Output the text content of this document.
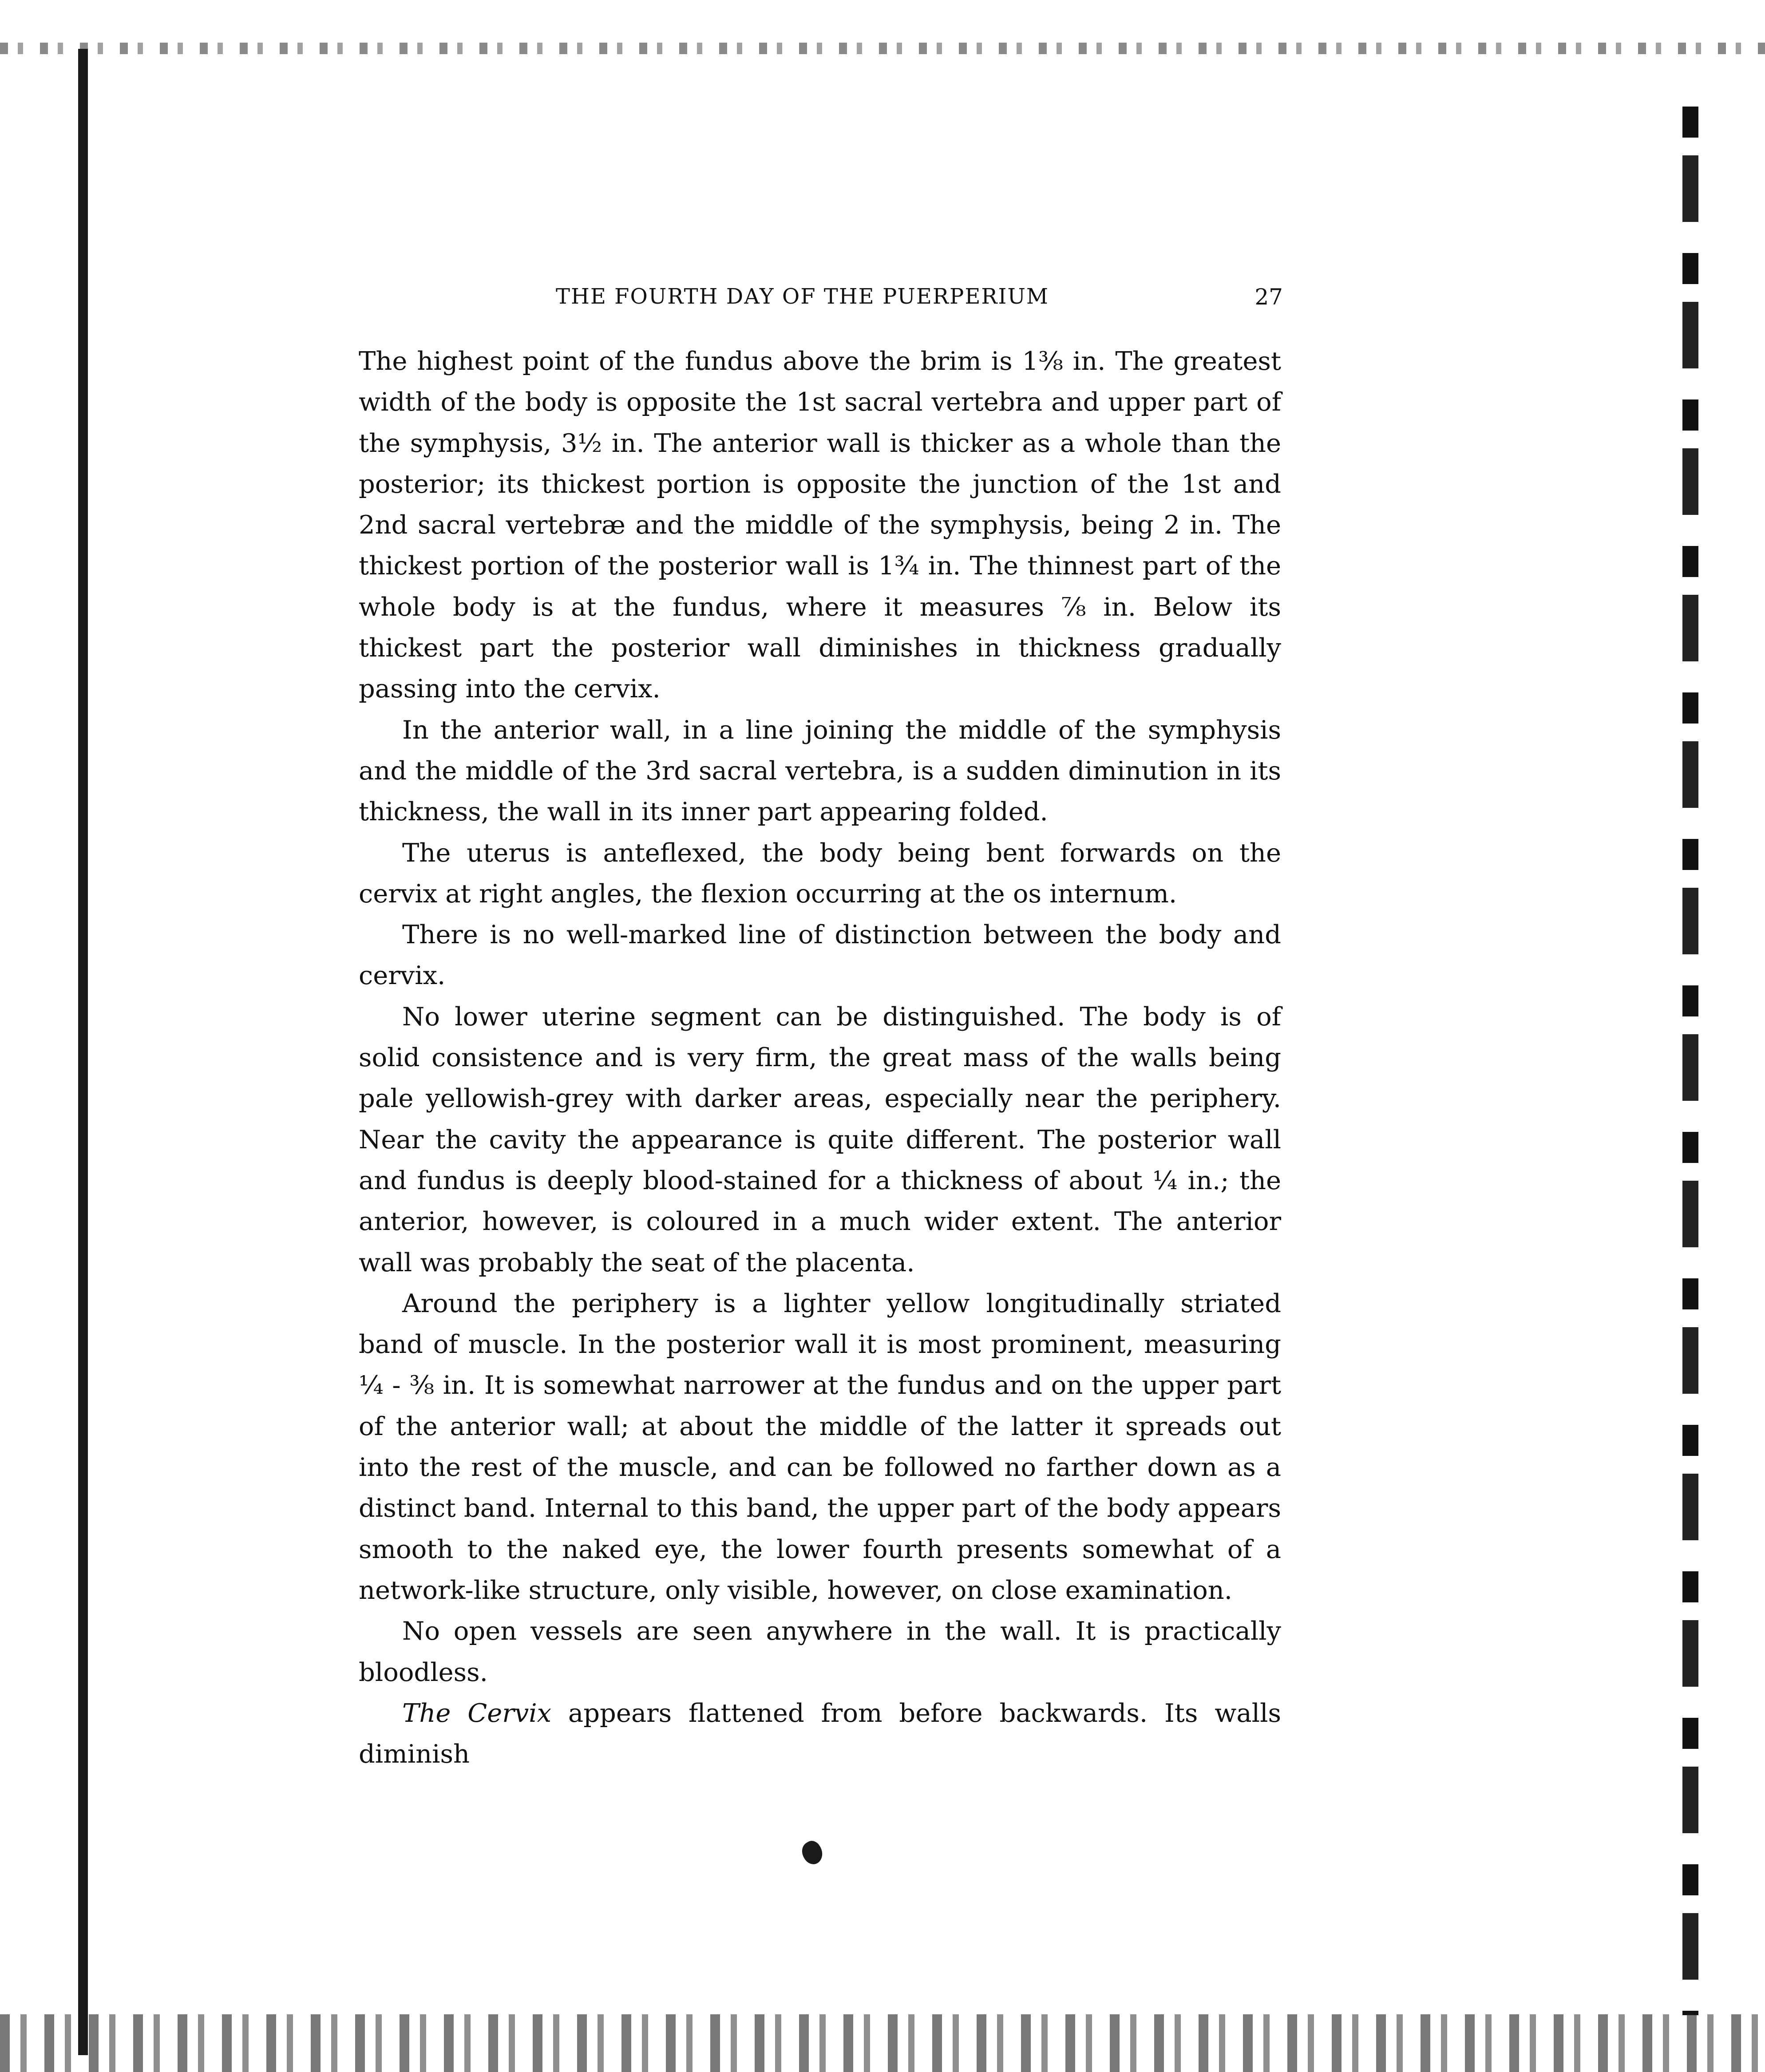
THE FOURTH DAY OF THE PUERPERIUM	27

The highest point of the fundus above the brim is 1⅜ in. The greatest width of the body is opposite the 1st sacral vertebra and upper part of the symphysis, 3½ in. The anterior wall is thicker as a whole than the posterior; its thickest portion is opposite the junction of the 1st and 2nd sacral vertebræ and the middle of the symphysis, being 2 in. The thickest portion of the posterior wall is 1¾ in. The thinnest part of the whole body is at the fundus, where it measures ⅞ in. Below its thickest part the posterior wall diminishes in thickness gradually passing into the cervix.

In the anterior wall, in a line joining the middle of the symphysis and the middle of the 3rd sacral vertebra, is a sudden diminution in its thickness, the wall in its inner part appearing folded.

The uterus is anteflexed, the body being bent forwards on the cervix at right angles, the flexion occurring at the os internum.

There is no well-marked line of distinction between the body and cervix.

No lower uterine segment can be distinguished. The body is of solid consistence and is very firm, the great mass of the walls being pale yellowish-grey with darker areas, especially near the periphery. Near the cavity the appearance is quite different. The posterior wall and fundus is deeply blood-stained for a thickness of about ¼ in.; the anterior, however, is coloured in a much wider extent. The anterior wall was probably the seat of the placenta.

Around the periphery is a lighter yellow longitudinally striated band of muscle. In the posterior wall it is most prominent, measuring ¼ - ⅜ in. It is somewhat narrower at the fundus and on the upper part of the anterior wall; at about the middle of the latter it spreads out into the rest of the muscle, and can be followed no farther down as a distinct band. Internal to this band, the upper part of the body appears smooth to the naked eye, the lower fourth presents somewhat of a network-like structure, only visible, however, on close examination.

No open vessels are seen anywhere in the wall. It is practically bloodless.

The Cervix appears flattened from before backwards. Its walls diminish
